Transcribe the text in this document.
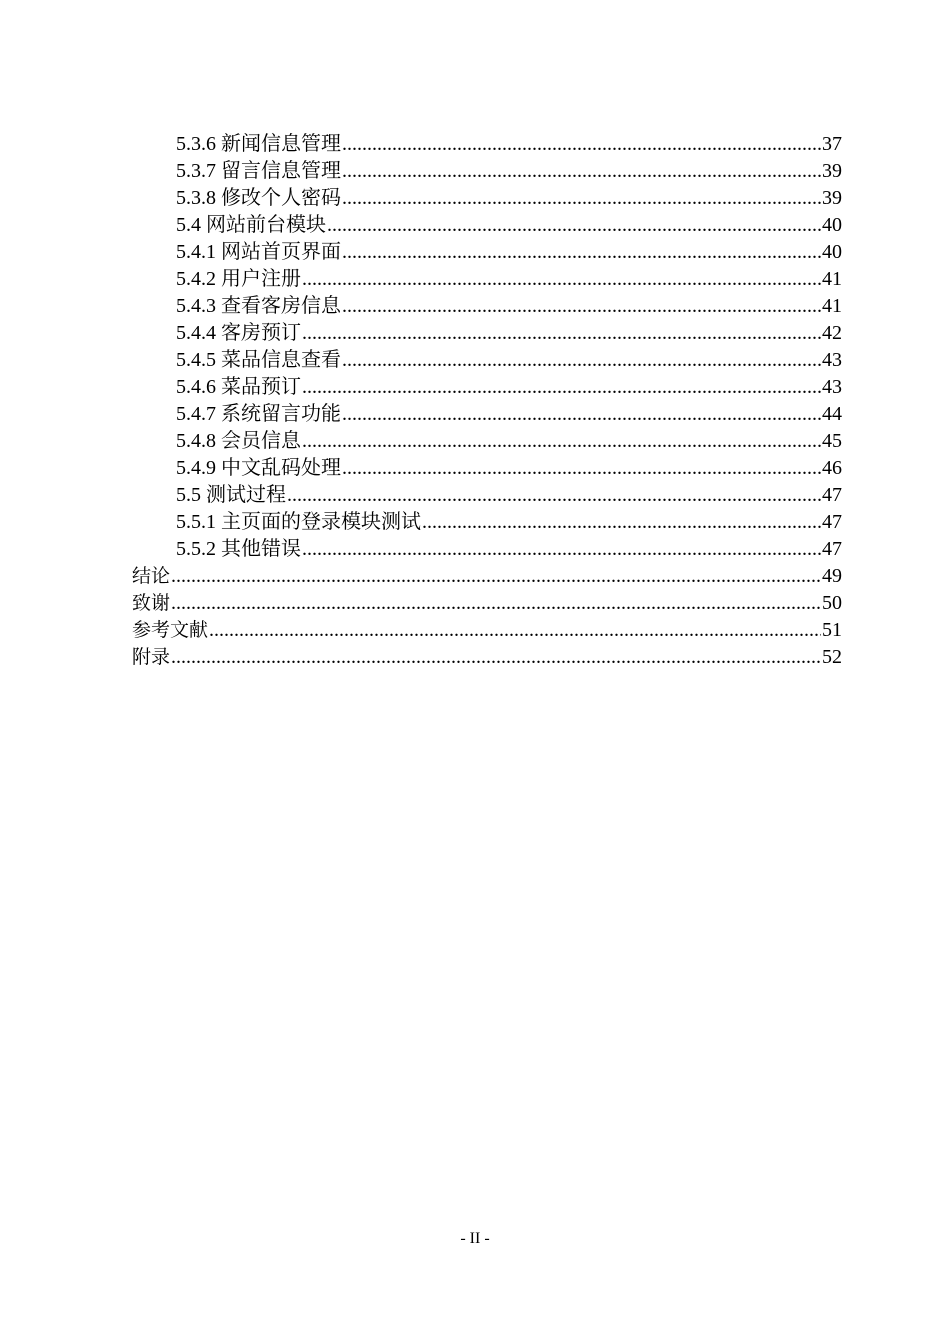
5.3.6 新闻信息管理 .....	37
5.3.7 留言信息管理 .....	39
5.3.8 修改个人密码 .....	39
5.4 网站前台模块 .....	40
5.4.1 网站首页界面 .....	40
5.4.2 用户注册 .....	41
5.4.3 查看客房信息 .....	41
5.4.4 客房预订 .....	42
5.4.5 菜品信息查看 .....	43
5.4.6 菜品预订 .....	43
5.4.7 系统留言功能 .....	44
5.4.8 会员信息 .....	45
5.4.9 中文乱码处理 .....	46
5.5 测试过程 .....	47
5.5.1 主页面的登录模块测试 .....	47
5.5.2 其他错误 .....	47
结论 .....	49
致谢 .....	50
参考文献 .....	51
附录 .....	52
- II -
